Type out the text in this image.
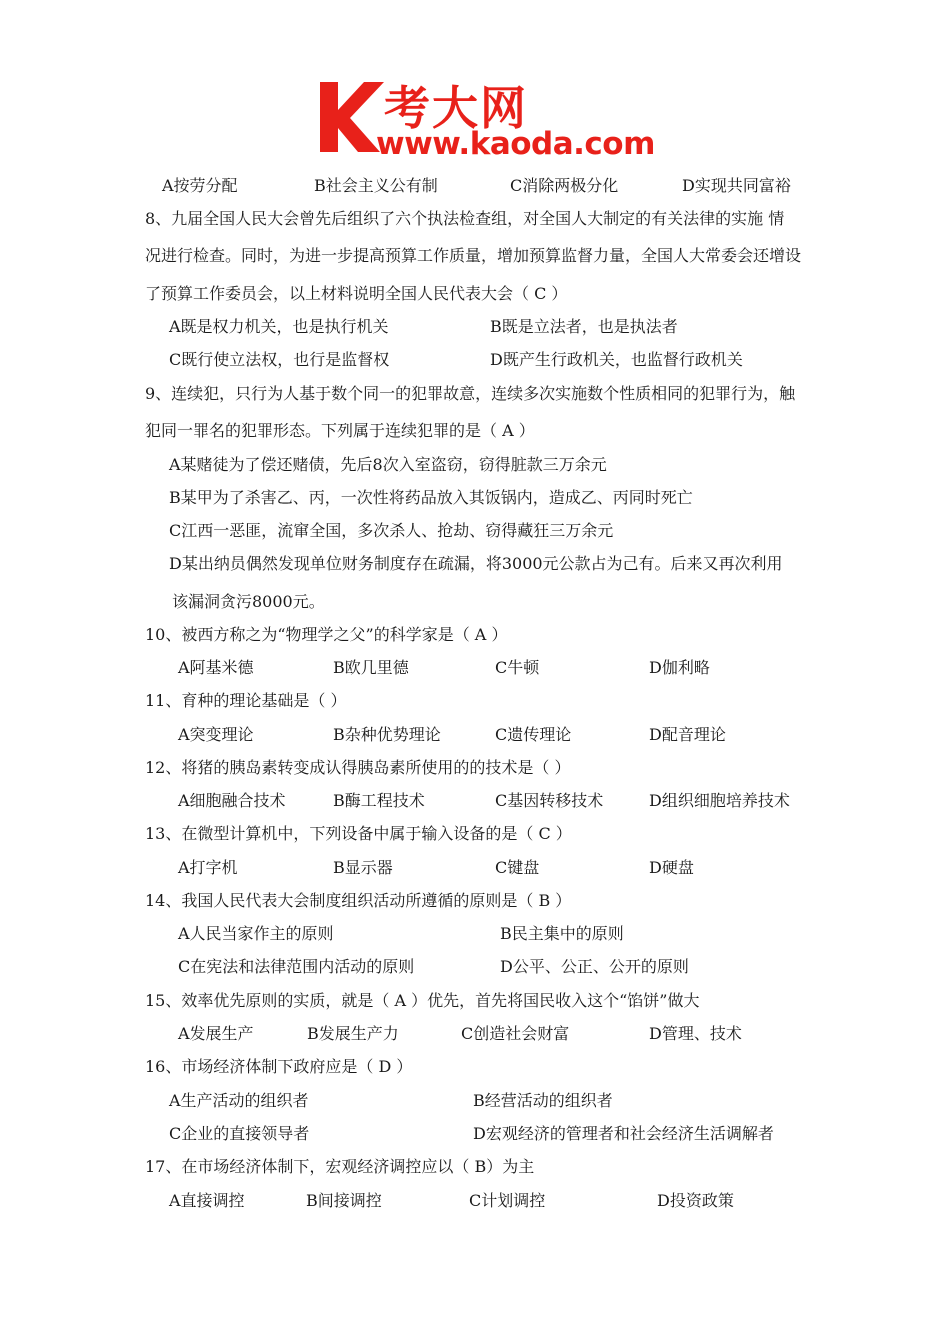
考大网
www.kaoda.com
A按劳分配	B社会主义公有制	C消除两极分化	D实现共同富裕
8、九届全国人民大会曾先后组织了六个执法检查组，对全国人大制定的有关法律的实施 情
况进行检查。同时，为进一步提高预算工作质量，增加预算监督力量，全国人大常委会还增设
了预算工作委员会，以上材料说明全国人民代表大会（ C ）
A既是权力机关，也是执行机关	B既是立法者，也是执法者
C既行使立法权，也行是监督权	D既产生行政机关，也监督行政机关
9、连续犯，只行为人基于数个同一的犯罪故意，连续多次实施数个性质相同的犯罪行为，触
犯同一罪名的犯罪形态。下列属于连续犯罪的是（ A ）
A某赌徒为了偿还赌债，先后8次入室盗窃，窃得脏款三万余元
B某甲为了杀害乙、丙，一次性将药品放入其饭锅内，造成乙、丙同时死亡
C江西一恶匪，流窜全国，多次杀人、抢劫、窃得藏狂三万余元
D某出纳员偶然发现单位财务制度存在疏漏，将3000元公款占为己有。后来又再次利用
该漏洞贪污8000元。
10、被西方称之为“物理学之父”的科学家是（ A ）
A阿基米德	B欧几里德	C牛顿	D伽利略
11、育种的理论基础是（ ）
A突变理论	B杂种优势理论	C遗传理论	D配音理论
12、将猪的胰岛素转变成认得胰岛素所使用的的技术是（ ）
A细胞融合技术	B酶工程技术	C基因转移技术	D组织细胞培养技术
13、在微型计算机中，下列设备中属于输入设备的是（ C ）
A打字机	B显示器	C键盘	D硬盘
14、我国人民代表大会制度组织活动所遵循的原则是（ B ）
A人民当家作主的原则	B民主集中的原则
C在宪法和法律范围内活动的原则	D公平、公正、公开的原则
15、效率优先原则的实质，就是（ A ）优先，首先将国民收入这个“馅饼”做大
A发展生产	B发展生产力	C创造社会财富	D管理、技术
16、市场经济体制下政府应是（ D ）
A生产活动的组织者	B经营活动的组织者
C企业的直接领导者	D宏观经济的管理者和社会经济生活调解者
17、在市场经济体制下，宏观经济调控应以（ B）为主
A直接调控	B间接调控	C计划调控	D投资政策
